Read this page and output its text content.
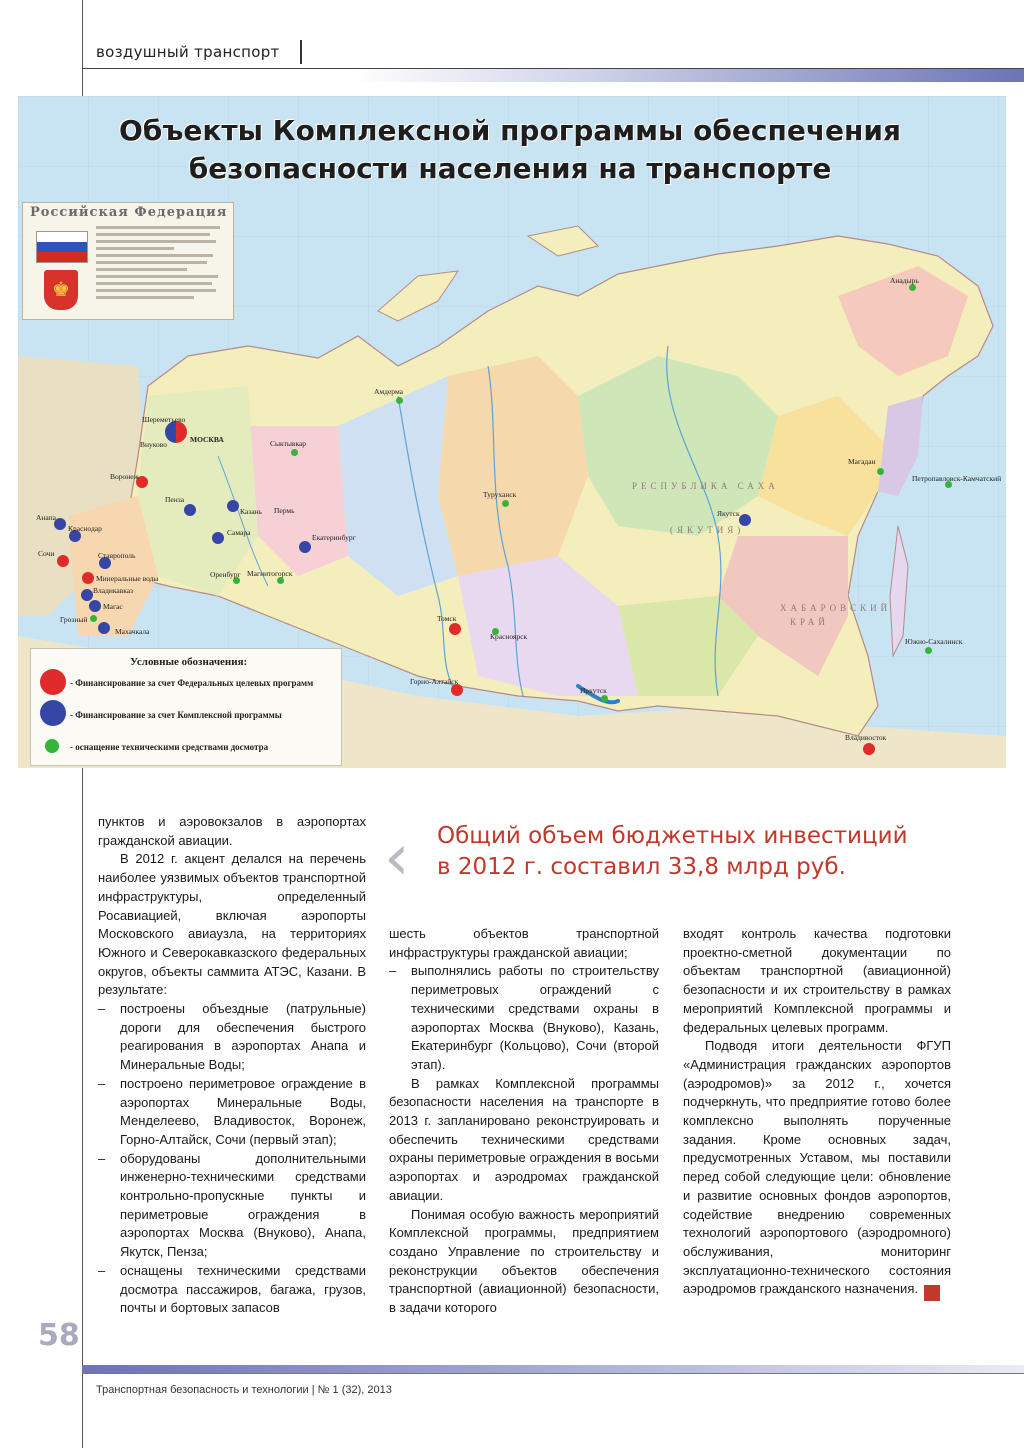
воздушный транспорт
РЕСПУБЛИКА САХА
(ЯКУТИЯ)
ХАБАРОВСКИЙ
КРАЙ
Объекты Комплексной программы обеспечения
безопасности населения на транспорте
Российская Федерация
♚
Условные обозначения:
- Финансирование за счет Федеральных целевых программ
- Финансирование за счет Комплексной программы
- оснащение техническими средствами досмотра
Шереметьево
Внуково
МОСКВА
Воронеж
Пенза
Казань Пермь
Самара
Екатеринбург
Оренбург Магнитогорск
Анапа
Краснодар
Сочи	Ставрополь
Минеральные воды
Владикавказ
Магас
Грозный
Махачкала
Сыктывкар
Амдерма
Туруханск
Томск
Красноярск
Горно-Алтайск
Иркутск
Якутск
Магадан
Анадырь
Петропавловск-Камчатский
Южно-Сахалинск
Владивосток
‹ Общий объем бюджетных инвестиций
в 2012 г. составил 33,8 млрд руб.

пунктов и аэровокзалов в аэропортах гражданской авиации.

В 2012 г. акцент делался на перечень наиболее уязвимых объектов транспортной инфраструктуры, определенный Росавиацией, включая аэропорты Московского авиаузла, на территориях Южного и Северокавказского федеральных округов, объекты саммита АТЭС, Казани. В результате:

– построены объездные (патрульные) дороги для обеспечения быстрого реагирования в аэропортах Анапа и Минеральные Воды;

– построено периметровое ограждение в аэропортах Минеральные Воды, Менделеево, Владивосток, Воронеж, Горно-Алтайск, Сочи (первый этап);

– оборудованы дополнительными инженерно-техническими средствами контрольно-пропускные пункты и периметровые ограждения в аэропортах Москва (Внуково), Анапа, Якутск, Пенза;

– оснащены техническими средствами досмотра пассажиров, багажа, грузов, почты и бортовых запасов

шесть объектов транспортной инфраструктуры гражданской авиации;

– выполнялись работы по строительству периметровых ограждений с техническими средствами охраны в аэропортах Москва (Внуково), Казань, Екатеринбург (Кольцово), Сочи (второй этап).

В рамках Комплексной программы безопасности населения на транспорте в 2013 г. запланировано реконструировать и обеспечить техническими средствами охраны периметровые ограждения в восьми аэропортах и аэродромах гражданской авиации.

Понимая особую важность мероприятий Комплексной программы, предприятием создано Управление по строительству и реконструкции объектов обеспечения транспортной (авиационной) безопасности, в задачи которого

входят контроль качества подготовки проектно-сметной документации по объектам транспортной (авиационной) безопасности и их строительству в рамках мероприятий Комплексной программы и федеральных целевых программ.

Подводя итоги деятельности ФГУП «Администрация гражданских аэропортов (аэродромов)» за 2012 г., хочется подчеркнуть, что предприятие готово более комплексно выполнять порученные задания. Кроме основных задач, предусмотренных Уставом, мы поставили перед собой следующие цели: обновление и развитие основных фондов аэропортов, содействие внедрению современных технологий аэропортового (аэродромного) обслуживания, мониторинг эксплуатационно-технического состояния аэродромов гражданского назначения.	ТБТ

58
Транспортная безопасность и технологии | № 1 (32), 2013
